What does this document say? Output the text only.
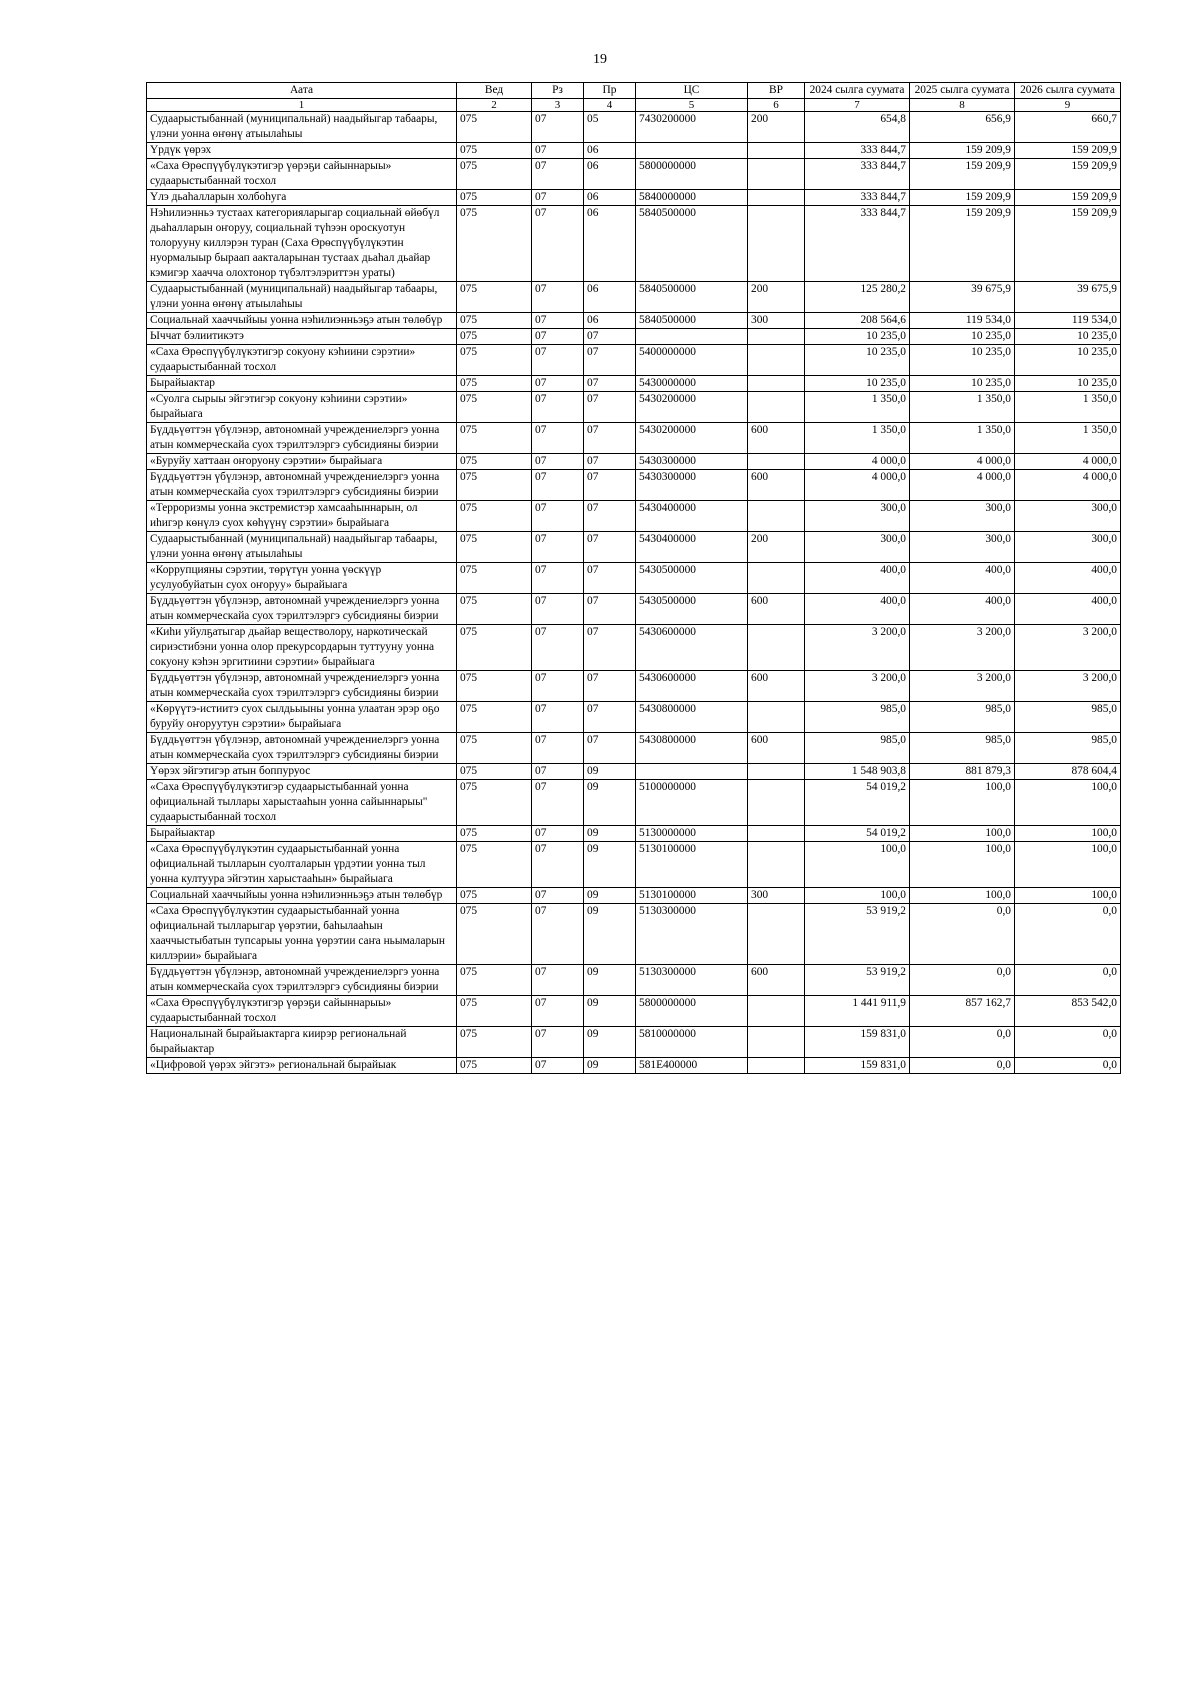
19
Аата	Вед	Рз	Пр	ЦС	ВР	2024 сылга суумата	2025 сылга суумата	2026 сылга суумата
1	2	3	4	5	6	7	8	9
Судаарыстыбаннай (муниципальнай) наадыйыгар табаары, үлэни уонна өҥөнү атыылаһыы	075	07	05	7430200000	200	654,8	656,9	660,7
Үрдүк үөрэх	075	07	06			333 844,7	159 209,9	159 209,9
«Саха Өрөспүүбүлүкэтигэр үөрэҕи сайыннарыы» судаарыстыбаннай тосхол	075	07	06	5800000000		333 844,7	159 209,9	159 209,9
Үлэ дьаһалларын холбоһуга	075	07	06	5840000000		333 844,7	159 209,9	159 209,9
Нэһилиэнньэ тустаах категорияларыгар социальнай өйөбүл дьаһалларын оҥоруу, социальнай түһээн ороскуотун толорууну киллэрэн туран (Саха Өрөспүүбүлүкэтин нуормалыыр быраап аакталарынан тустаах дьаһал дьайар кэмигэр хаачча олохтонор түбэлтэлэриттэн ураты)	075	07	06	5840500000		333 844,7	159 209,9	159 209,9
Судаарыстыбаннай (муниципальнай) наадыйыгар табаары, үлэни уонна өҥөнү атыылаһыы	075	07	06	5840500000	200	125 280,2	39 675,9	39 675,9
Социальнай хааччыйыы уонна нэһилиэнньэҕэ атын төлөбүр	075	07	06	5840500000	300	208 564,6	119 534,0	119 534,0
Ыччат бэлиитикэтэ	075	07	07			10 235,0	10 235,0	10 235,0
«Саха Өрөспүүбүлүкэтигэр сокуону кэһиини сэрэтии» судаарыстыбаннай тосхол	075	07	07	5400000000		10 235,0	10 235,0	10 235,0
Бырайыактар	075	07	07	5430000000		10 235,0	10 235,0	10 235,0
«Суолга сырыы эйгэтигэр сокуону кэһиини сэрэтии» бырайыага	075	07	07	5430200000		1 350,0	1 350,0	1 350,0
Бүддьүөттэн үбүлэнэр, автономнай учреждениелэргэ уонна атын коммерческайа суох тэрилтэлэргэ субсидияны биэрии	075	07	07	5430200000	600	1 350,0	1 350,0	1 350,0
«Буруйу хаттаан оҥоруону сэрэтии» бырайыага	075	07	07	5430300000		4 000,0	4 000,0	4 000,0
Бүддьүөттэн үбүлэнэр, автономнай учреждениелэргэ уонна атын коммерческайа суох тэрилтэлэргэ субсидияны биэрии	075	07	07	5430300000	600	4 000,0	4 000,0	4 000,0
«Терроризмы уонна экстремистэр хамсааһыннарын, ол иһигэр көнүлэ суох көһүүнү сэрэтии» бырайыага	075	07	07	5430400000		300,0	300,0	300,0
Судаарыстыбаннай (муниципальнай) наадыйыгар табаары, үлэни уонна өҥөнү атыылаһыы	075	07	07	5430400000	200	300,0	300,0	300,0
«Коррупцияны сэрэтии, төрүтүн уонна үөскүүр усулуобуйатын суох оҥоруу» бырайыага	075	07	07	5430500000		400,0	400,0	400,0
Бүддьүөттэн үбүлэнэр, автономнай учреждениелэргэ уонна атын коммерческайа суох тэрилтэлэргэ субсидияны биэрии	075	07	07	5430500000	600	400,0	400,0	400,0
«Киһи уйулҕатыгар дьайар веществолору, наркотическай сириэстибэни уонна олор прекурсордарын туттууну уонна сокуону кэһэн эргитиини сэрэтии» бырайыага	075	07	07	5430600000		3 200,0	3 200,0	3 200,0
Бүддьүөттэн үбүлэнэр, автономнай учреждениелэргэ уонна атын коммерческайа суох тэрилтэлэргэ субсидияны биэрии	075	07	07	5430600000	600	3 200,0	3 200,0	3 200,0
«Көрүүтэ-истиитэ суох сылдьыыны уонна улаатан эрэр оҕо буруйу оҥоруутун сэрэтии» бырайыага	075	07	07	5430800000		985,0	985,0	985,0
Бүддьүөттэн үбүлэнэр, автономнай учреждениелэргэ уонна атын коммерческайа суох тэрилтэлэргэ субсидияны биэрии	075	07	07	5430800000	600	985,0	985,0	985,0
Үөрэх эйгэтигэр атын боппуруос	075	07	09			1 548 903,8	881 879,3	878 604,4
«Саха Өрөспүүбүлүкэтигэр судаарыстыбаннай уонна официальнай тыллары харыстааһын уонна сайыннарыы" судаарыстыбаннай тосхол	075	07	09	5100000000		54 019,2	100,0	100,0
Бырайыактар	075	07	09	5130000000		54 019,2	100,0	100,0
«Саха Өрөспүүбүлүкэтин судаарыстыбаннай уонна официальнай тылларын суолталарын үрдэтии уонна тыл уонна култуура эйгэтин харыстааһын» бырайыага	075	07	09	5130100000		100,0	100,0	100,0
Социальнай хааччыйыы уонна нэһилиэнньэҕэ атын төлөбүр	075	07	09	5130100000	300	100,0	100,0	100,0
«Саха Өрөспүүбүлүкэтин судаарыстыбаннай уонна официальнай тылларыгар үөрэтии, баһылааһын хааччыстыбатын тупсарыы уонна үөрэтии саҥа ньымаларын киллэрии» бырайыага	075	07	09	5130300000		53 919,2	0,0	0,0
Бүддьүөттэн үбүлэнэр, автономнай учреждениелэргэ уонна атын коммерческайа суох тэрилтэлэргэ субсидияны биэрии	075	07	09	5130300000	600	53 919,2	0,0	0,0
«Саха Өрөспүүбүлүкэтигэр үөрэҕи сайыннарыы» судаарыстыбаннай тосхол	075	07	09	5800000000		1 441 911,9	857 162,7	853 542,0
Националынай бырайыактарга киирэр региональнай бырайыактар	075	07	09	5810000000		159 831,0	0,0	0,0
«Цифровой үөрэх эйгэтэ» региональнай бырайыак	075	07	09	581E400000		159 831,0	0,0	0,0
